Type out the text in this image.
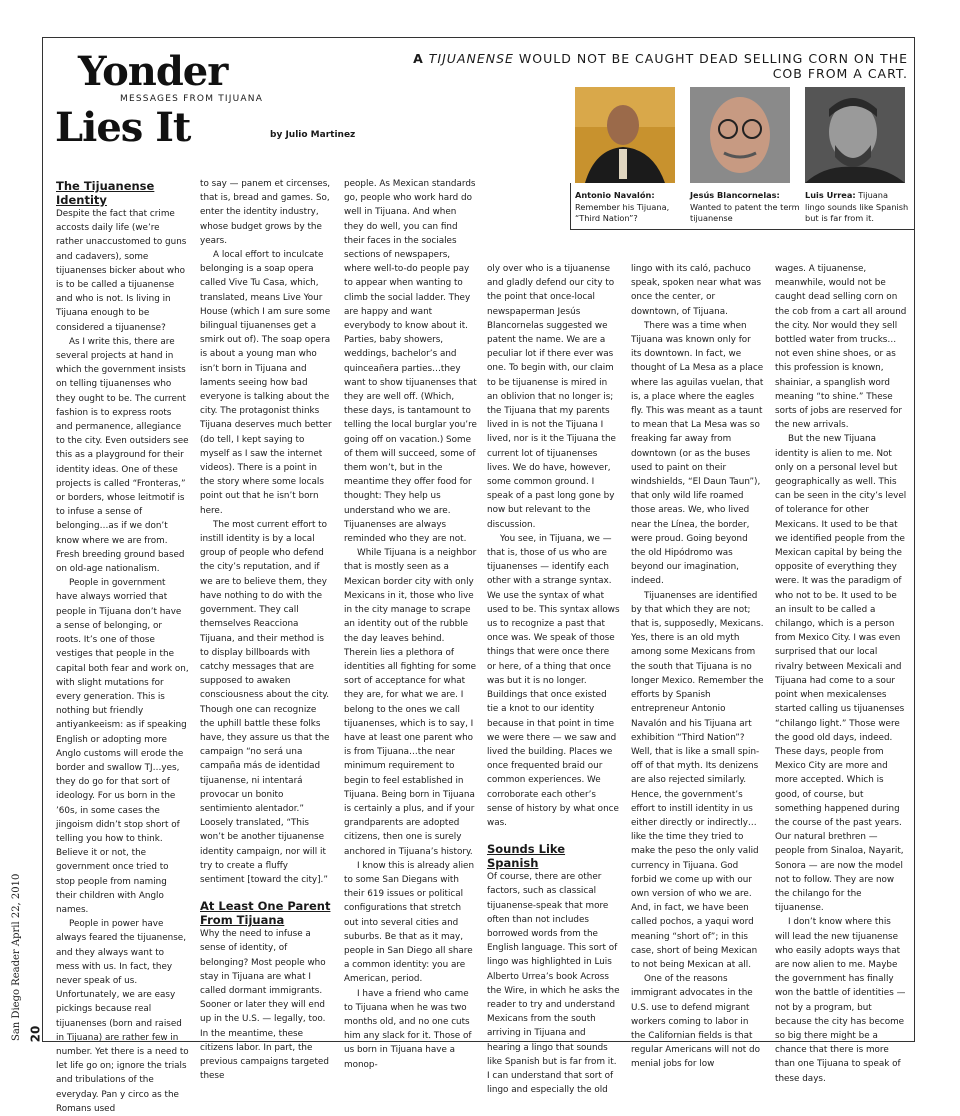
Yonder
Lies It
MESSAGES FROM TIJUANA
by Julio Martinez
A TIJUANENSE WOULD NOT BE CAUGHT DEAD SELLING CORN ON THE COB FROM A CART.
Antonio Navalón:
Remember his Tijuana, “Third Nation”?
Jesús Blancornelas:
Wanted to patent the term tijuanense
Luis Urrea: Tijuana lingo sounds like Spanish but is far from it.
The Tijuanense Identity

Despite the fact that crime accosts daily life (we’re rather unaccustomed to guns and cadavers), some tijuanenses bicker about who is to be called a tijuanense and who is not. Is living in Tijuana enough to be considered a tijuanense?

As I write this, there are several projects at hand in which the government insists on telling tijuanenses who they ought to be. The current fashion is to express roots and permanence, allegiance to the city. Even outsiders see this as a playground for their identity ideas. One of these projects is called “Fronteras,” or borders, whose leitmotif is to infuse a sense of belonging…as if we don’t know where we are from. Fresh breeding ground based on old-age nationalism.

People in government have always worried that people in Tijuana don’t have a sense of belonging, or roots. It’s one of those vestiges that people in the capital both fear and work on, with slight mutations for every generation. This is nothing but friendly antiyankeeism: as if speaking English or adopting more Anglo customs will erode the border and swallow TJ…yes, they do go for that sort of ideology. For us born in the ’60s, in some cases the jingoism didn’t stop short of telling you how to think. Believe it or not, the government once tried to stop people from naming their children with Anglo names.

People in power have always feared the tijuanense, and they always want to mess with us. In fact, they never speak of us. Unfortunately, we are easy pickings because real tijuanenses (born and raised in Tijuana) are rather few in number. Yet there is a need to let life go on; ignore the trials and tribulations of the everyday. Pan y circo as the Romans used

to say — panem et circenses, that is, bread and games. So, enter the identity industry, whose budget grows by the years.

A local effort to inculcate belonging is a soap opera called Vive Tu Casa, which, translated, means Live Your House (which I am sure some bilingual tijuanenses get a smirk out of). The soap opera is about a young man who isn’t born in Tijuana and laments seeing how bad everyone is talking about the city. The protagonist thinks Tijuana deserves much better (do tell, I kept saying to myself as I saw the internet videos). There is a point in the story where some locals point out that he isn’t born here.

The most current effort to instill identity is by a local group of people who defend the city’s reputation, and if we are to believe them, they have nothing to do with the government. They call themselves Reacciona Tijuana, and their method is to display billboards with catchy messages that are supposed to awaken consciousness about the city. Though one can recognize the uphill battle these folks have, they assure us that the campaign “no será una campaña más de identidad tijuanense, ni intentará provocar un bonito sentimiento alentador.” Loosely translated, “This won’t be another tijuanense identity campaign, nor will it try to create a fluffy sentiment [toward the city].”

At Least One Parent From Tijuana

Why the need to infuse a sense of identity, of belonging? Most people who stay in Tijuana are what I called dormant immigrants. Sooner or later they will end up in the U.S. — legally, too. In the meantime, these citizens labor. In part, the previous campaigns targeted these

people. As Mexican standards go, people who work hard do well in Tijuana. And when they do well, you can find their faces in the sociales sections of newspapers, where well-to-do people pay to appear when wanting to climb the social ladder. They are happy and want everybody to know about it. Parties, baby showers, weddings, bachelor’s and quinceañera parties…they want to show tijuanenses that they are well off. (Which, these days, is tantamount to telling the local burglar you’re going off on vacation.) Some of them will succeed, some of them won’t, but in the meantime they offer food for thought: They help us understand who we are. Tijuanenses are always reminded who they are not.

While Tijuana is a neighbor that is mostly seen as a Mexican border city with only Mexicans in it, those who live in the city manage to scrape an identity out of the rubble the day leaves behind. Therein lies a plethora of identities all fighting for some sort of acceptance for what they are, for what we are. I belong to the ones we call tijuanenses, which is to say, I have at least one parent who is from Tijuana…the near minimum requirement to begin to feel established in Tijuana. Being born in Tijuana is certainly a plus, and if your grandparents are adopted citizens, then one is surely anchored in Tijuana’s history.

I know this is already alien to some San Diegans with their 619 issues or political configurations that stretch out into several cities and suburbs. Be that as it may, people in San Diego all share a common identity: you are American, period.

I have a friend who came to Tijuana when he was two months old, and no one cuts him any slack for it. Those of us born in Tijuana have a monop-

oly over who is a tijuanense and gladly defend our city to the point that once-local newspaperman Jesús Blancornelas suggested we patent the name. We are a peculiar lot if there ever was one. To begin with, our claim to be tijuanense is mired in an oblivion that no longer is; the Tijuana that my parents lived in is not the Tijuana I lived, nor is it the Tijuana the current lot of tijuanenses lives. We do have, however, some common ground. I speak of a past long gone by now but relevant to the discussion.

You see, in Tijuana, we — that is, those of us who are tijuanenses — identify each other with a strange syntax. We use the syntax of what used to be. This syntax allows us to recognize a past that once was. We speak of those things that were once there or here, of a thing that once was but it is no longer. Buildings that once existed tie a knot to our identity because in that point in time we were there — we saw and lived the building. Places we once frequented braid our common experiences. We corroborate each other’s sense of history by what once was.

Sounds Like Spanish

Of course, there are other factors, such as classical tijuanense-speak that more often than not includes borrowed words from the English language. This sort of lingo was highlighted in Luis Alberto Urrea’s book Across the Wire, in which he asks the reader to try and understand Mexicans from the south arriving in Tijuana and hearing a lingo that sounds like Spanish but is far from it. I can understand that sort of lingo and especially the old

lingo with its caló, pachuco speak, spoken near what was once the center, or downtown, of Tijuana.

There was a time when Tijuana was known only for its downtown. In fact, we thought of La Mesa as a place where las aguilas vuelan, that is, a place where the eagles fly. This was meant as a taunt to mean that La Mesa was so freaking far away from downtown (or as the buses used to paint on their windshields, “El Daun Taun”), that only wild life roamed those areas. We, who lived near the Línea, the border, were proud. Going beyond the old Hipódromo was beyond our imagination, indeed.

Tijuanenses are identified by that which they are not; that is, supposedly, Mexicans. Yes, there is an old myth among some Mexicans from the south that Tijuana is no longer Mexico. Remember the efforts by Spanish entrepreneur Antonio Navalón and his Tijuana art exhibition “Third Nation”? Well, that is like a small spin-off of that myth. Its denizens are also rejected similarly. Hence, the government’s effort to instill identity in us either directly or indirectly…like the time they tried to make the peso the only valid currency in Tijuana. God forbid we come up with our own version of who we are. And, in fact, we have been called pochos, a yaqui word meaning “short of”; in this case, short of being Mexican to not being Mexican at all.

One of the reasons immigrant advocates in the U.S. use to defend migrant workers coming to labor in the Californian fields is that regular Americans will not do menial jobs for low

wages. A tijuanense, meanwhile, would not be caught dead selling corn on the cob from a cart all around the city. Nor would they sell bottled water from trucks…not even shine shoes, or as this profession is known, shainiar, a spanglish word meaning “to shine.” These sorts of jobs are reserved for the new arrivals.

But the new Tijuana identity is alien to me. Not only on a personal level but geographically as well. This can be seen in the city’s level of tolerance for other Mexicans. It used to be that we identified people from the Mexican capital by being the opposite of everything they were. It was the paradigm of who not to be. It used to be an insult to be called a chilango, which is a person from Mexico City. I was even surprised that our local rivalry between Mexicali and Tijuana had come to a sour point when mexicalenses started calling us tijuanenses “chilango light.” Those were the good old days, indeed. These days, people from Mexico City are more and more accepted. Which is good, of course, but something happened during the course of the past years. Our natural brethren — people from Sinaloa, Nayarit, Sonora — are now the model not to follow. They are now the chilango for the tijuanense.

I don’t know where this will lead the new tijuanense who easily adopts ways that are now alien to me. Maybe the government has finally won the battle of identities — not by a program, but because the city has become so big there might be a chance that there is more than one Tijuana to speak of these days.

San Diego Reader April 22, 2010 20
